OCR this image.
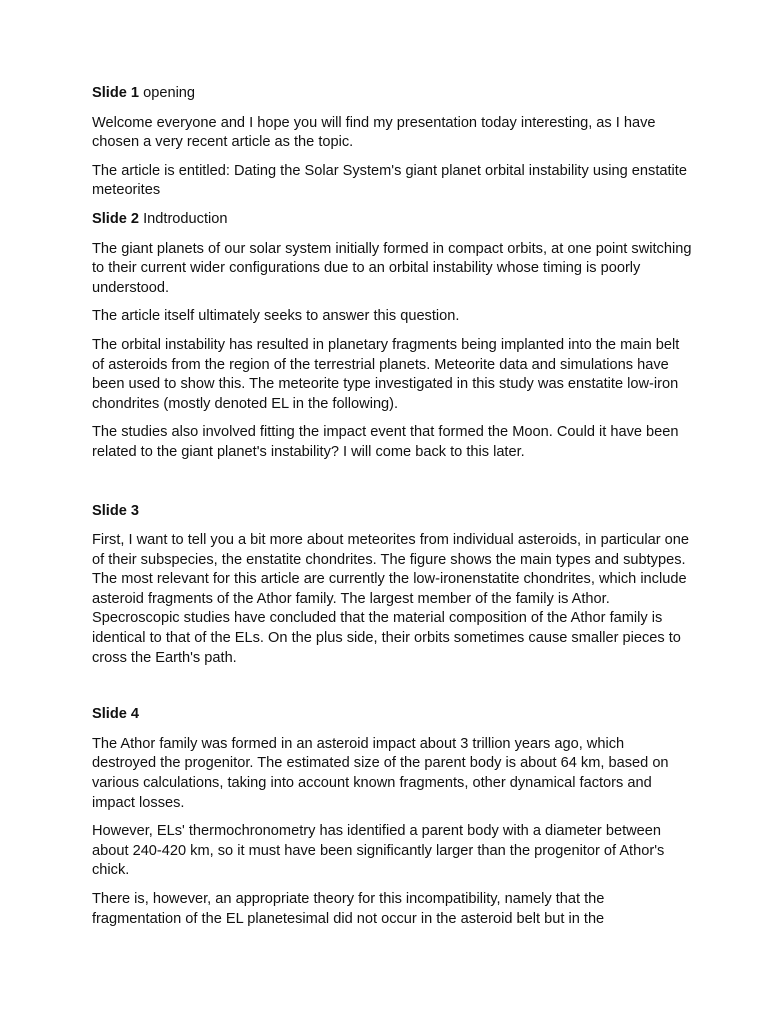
Slide 1 opening

Welcome everyone and I hope you will find my presentation today interesting, as I have chosen a very recent article as the topic.

The article is entitled: Dating the Solar System's giant planet orbital instability using enstatite meteorites

Slide 2 Indtroduction

The giant planets of our solar system initially formed in compact orbits, at one point switching to their current wider configurations due to an orbital instability whose timing is poorly understood.

The article itself ultimately seeks to answer this question.

The orbital instability has resulted in planetary fragments being implanted into the main belt of asteroids from the region of the terrestrial planets. Meteorite data and simulations have been used to show this. The meteorite type investigated in this study was enstatite low-iron chondrites (mostly denoted EL in the following).

The studies also involved fitting the impact event that formed the Moon. Could it have been related to the giant planet's instability? I will come back to this later.

Slide 3

First, I want to tell you a bit more about meteorites from individual asteroids, in particular one of their subspecies, the enstatite chondrites. The figure shows the main types and subtypes. The most relevant for this article are currently the low-ironenstatite chondrites, which include asteroid fragments of the Athor family. The largest member of the family is Athor. Specroscopic studies have concluded that the material composition of the Athor family is identical to that of the ELs. On the plus side, their orbits sometimes cause smaller pieces to cross the Earth's path.

Slide 4

The Athor family was formed in an asteroid impact about 3 trillion years ago, which destroyed the progenitor. The estimated size of the parent body is about 64 km, based on various calculations, taking into account known fragments, other dynamical factors and impact losses.

However, ELs' thermochronometry has identified a parent body with a diameter between about 240-420 km, so it must have been significantly larger than the progenitor of Athor's chick.

There is, however, an appropriate theory for this incompatibility, namely that the fragmentation of the EL planetesimal did not occur in the asteroid belt but in the
